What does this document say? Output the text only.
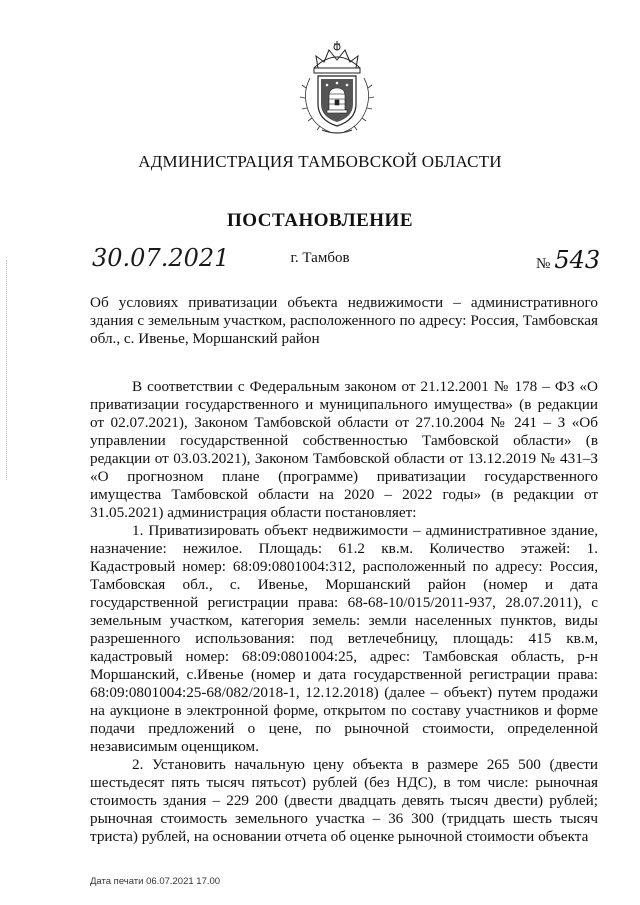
АДМИНИСТРАЦИЯ ТАМБОВСКОЙ ОБЛАСТИ
ПОСТАНОВЛЕНИЕ
30.07.2021	г. Тамбов	№ 543
Об условиях приватизации объекта недвижимости – административного здания с земельным участком, расположенного по адресу: Россия, Тамбовская обл., с. Ивенье, Моршанский район

В соответствии с Федеральным законом от 21.12.2001 № 178 – ФЗ «О приватизации государственного и муниципального имущества» (в редакции от 02.07.2021), Законом Тамбовской области от 27.10.2004 № 241 – З «Об управлении государственной собственностью Тамбовской области» (в редакции от 03.03.2021), Законом Тамбовской области от 13.12.2019 № 431–З «О прогнозном плане (программе) приватизации государственного имущества Тамбовской области на 2020 – 2022 годы» (в редакции от 31.05.2021) администрация области постановляет:

1. Приватизировать объект недвижимости – административное здание, назначение: нежилое. Площадь: 61.2 кв.м. Количество этажей: 1. Кадастровый номер: 68:09:0801004:312, расположенный по адресу: Россия, Тамбовская обл., с. Ивенье, Моршанский район (номер и дата государственной регистрации права: 68-68-10/015/2011-937, 28.07.2011), с земельным участком, категория земель: земли населенных пунктов, виды разрешенного использования: под ветлечебницу, площадь: 415 кв.м, кадастровый номер: 68:09:0801004:25, адрес: Тамбовская область, р-н Моршанский, с.Ивенье (номер и дата государственной регистрации права: 68:09:0801004:25-68/082/2018-1, 12.12.2018) (далее – объект) путем продажи на аукционе в электронной форме, открытом по составу участников и форме подачи предложений о цене, по рыночной стоимости, определенной независимым оценщиком.

2. Установить начальную цену объекта в размере 265 500 (двести шестьдесят пять тысяч пятьсот) рублей (без НДС), в том числе: рыночная стоимость здания – 229 200 (двести двадцать девять тысяч двести) рублей; рыночная стоимость земельного участка – 36 300 (тридцать шесть тысяч триста) рублей, на основании отчета об оценке рыночной стоимости объекта

Дата печати 06.07.2021 17.00
